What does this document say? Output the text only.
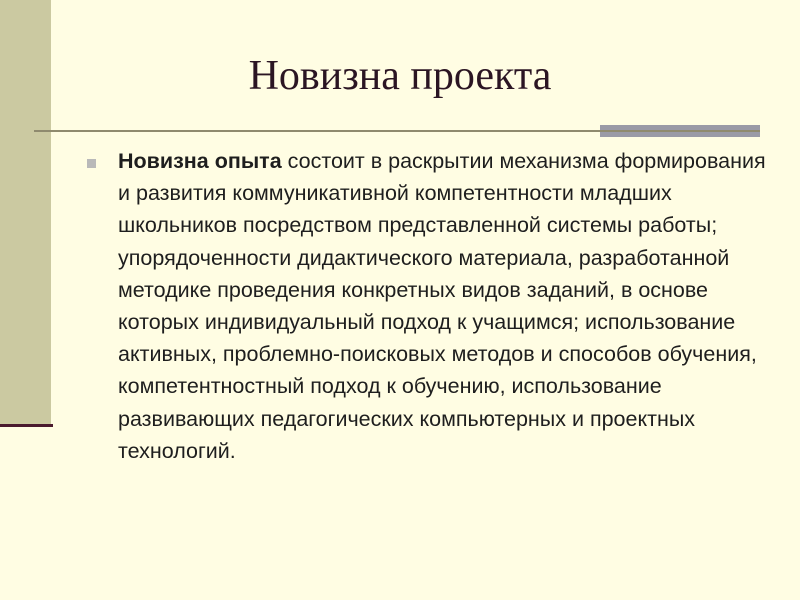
Новизна проекта

Новизна опыта состоит в раскрытии механизма формирования и развития коммуникативной компетентности младших школьников посредством представленной системы работы; упорядоченности дидактического материала, разработанной методике проведения конкретных видов заданий, в основе которых индивидуальный подход к учащимся; использование активных, проблемно-поисковых методов и способов обучения, компетентностный подход к обучению, использование развивающих педагогических компьютерных и проектных технологий.
